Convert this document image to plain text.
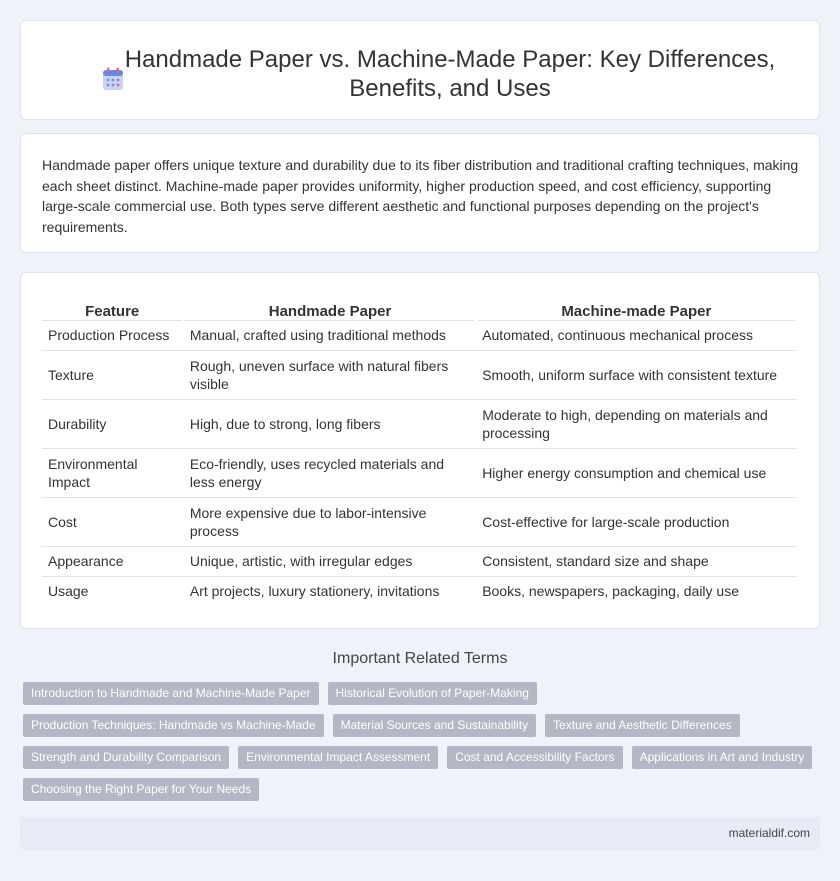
Handmade Paper vs. Machine-Made Paper: Key Differences, Benefits, and Uses

Handmade paper offers unique texture and durability due to its fiber distribution and traditional crafting techniques, making each sheet distinct. Machine-made paper provides uniformity, higher production speed, and cost efficiency, supporting large-scale commercial use. Both types serve different aesthetic and functional purposes depending on the project's requirements.

Feature	Handmade Paper	Machine-made Paper
Production Process	Manual, crafted using traditional methods	Automated, continuous mechanical process
Texture	Rough, uneven surface with natural fibers visible	Smooth, uniform surface with consistent texture
Durability	High, due to strong, long fibers	Moderate to high, depending on materials and processing
Environmental Impact	Eco-friendly, uses recycled materials and less energy	Higher energy consumption and chemical use
Cost	More expensive due to labor-intensive process	Cost-effective for large-scale production
Appearance	Unique, artistic, with irregular edges	Consistent, standard size and shape
Usage	Art projects, luxury stationery, invitations	Books, newspapers, packaging, daily use
Important Related Terms
Introduction to Handmade and Machine-Made Paper	Historical Evolution of Paper-Making
Production Techniques: Handmade vs Machine-Made	Material Sources and Sustainability	Texture and Aesthetic Differences
Strength and Durability Comparison	Environmental Impact Assessment	Cost and Accessibility Factors	Applications in Art and Industry
Choosing the Right Paper for Your Needs
materialdif.com
